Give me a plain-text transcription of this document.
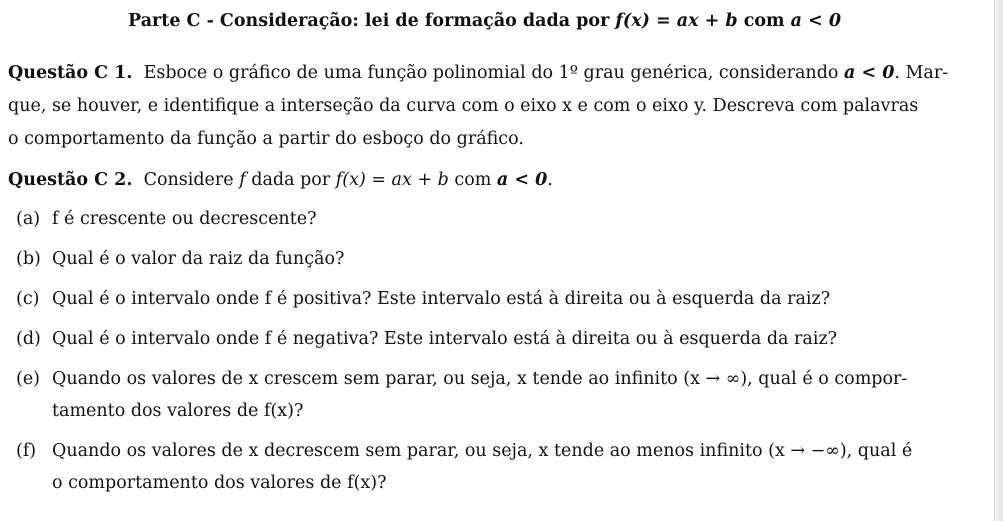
Parte C - Consideração: lei de formação dada por f(x) = ax + b com a < 0
Questão C 1. Esboce o gráfico de uma função polinomial do 1º grau genérica, considerando a < 0. Mar-
que, se houver, e identifique a interseção da curva com o eixo x e com o eixo y. Descreva com palavras
o comportamento da função a partir do esboço do gráfico.
Questão C 2. Considere f dada por f(x) = ax + b com a < 0.
(a) f é crescente ou decrescente?
(b) Qual é o valor da raiz da função?
(c) Qual é o intervalo onde f é positiva? Este intervalo está à direita ou à esquerda da raiz?
(d) Qual é o intervalo onde f é negativa? Este intervalo está à direita ou à esquerda da raiz?
(e) Quando os valores de x crescem sem parar, ou seja, x tende ao infinito (x → ∞), qual é o compor-
tamento dos valores de f(x)?
(f) Quando os valores de x decrescem sem parar, ou seja, x tende ao menos infinito (x → −∞), qual é
o comportamento dos valores de f(x)?
